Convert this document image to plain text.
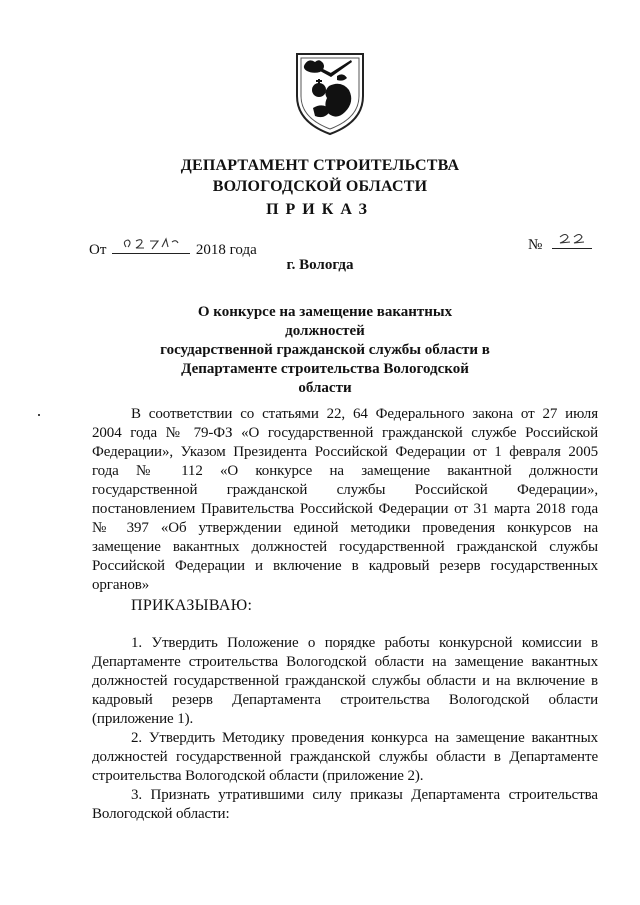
ДЕПАРТАМЕНТ СТРОИТЕЛЬСТВА
ВОЛОГОДСКОЙ ОБЛАСТИ
ПРИКАЗ
От	2018 года	№
г. Вологда
О конкурсе на замещение вакантных должностей
государственной гражданской службы области в
Департаменте строительства Вологодской
области
В соответствии со статьями 22, 64 Федерального закона от 27 июля
2004 года № 79-ФЗ «О государственной гражданской службе Российской
Федерации», Указом Президента Российской Федерации от 1 февраля 2005
года № 112 «О конкурсе на замещение вакантной должности
государственной гражданской службы Российской Федерации»,
постановлением Правительства Российской Федерации от 31 марта 2018 года
№ 397 «Об утверждении единой методики проведения конкурсов на
замещение вакантных должностей государственной гражданской службы
Российской Федерации и включение в кадровый резерв государственных
органов»
ПРИКАЗЫВАЮ:
1. Утвердить Положение о порядке работы конкурсной комиссии в
Департаменте строительства Вологодской области на замещение вакантных
должностей государственной гражданской службы области и на включение в
кадровый резерв Департамента строительства Вологодской области
(приложение 1).
2. Утвердить Методику проведения конкурса на замещение вакантных
должностей государственной гражданской службы области в Департаменте
строительства Вологодской области (приложение 2).
3. Признать утратившими силу приказы Департамента строительства
Вологодской области:
